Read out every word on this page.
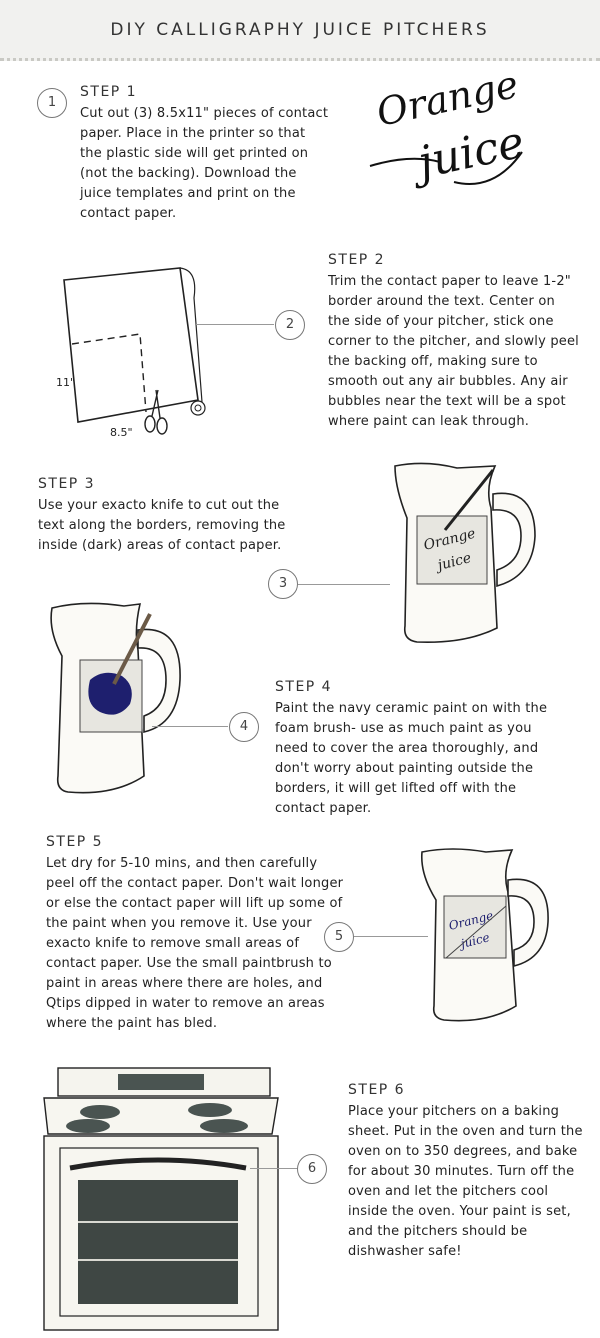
DIY CALLIGRAPHY JUICE PITCHERS
1
STEP 1
Cut out (3) 8.5x11" pieces of contact
paper. Place in the printer so that
the plastic side will get printed on
(not the backing). Download the
juice templates and print on the
contact paper.
Orange
juice
11"
8.5"
2
STEP 2
Trim the contact paper to leave 1-2"
border around the text. Center on
the side of your pitcher, stick one
corner to the pitcher, and slowly peel
the backing off, making sure to
smooth out any air bubbles. Any air
bubbles near the text will be a spot
where paint can leak through.
STEP 3
Use your exacto knife to cut out the
text along the borders, removing the
inside (dark) areas of contact paper.
3
Orange
juice
4
STEP 4
Paint the navy ceramic paint on with the
foam brush- use as much paint as you
need to cover the area thoroughly, and
don't worry about painting outside the
borders, it will get lifted off with the
contact paper.
STEP 5
Let dry for 5-10 mins, and then carefully
peel off the contact paper. Don't wait longer
or else the contact paper will lift up some of
the paint when you remove it. Use your
exacto knife to remove small areas of
contact paper. Use the small paintbrush to
paint in areas where there are holes, and
Qtips dipped in water to remove an areas
where the paint has bled.
5
Orange
juice
6
STEP 6
Place your pitchers on a baking
sheet. Put in the oven and turn the
oven on to 350 degrees, and bake
for about 30 minutes. Turn off the
oven and let the pitchers cool
inside the oven. Your paint is set,
and the pitchers should be
dishwasher safe!
